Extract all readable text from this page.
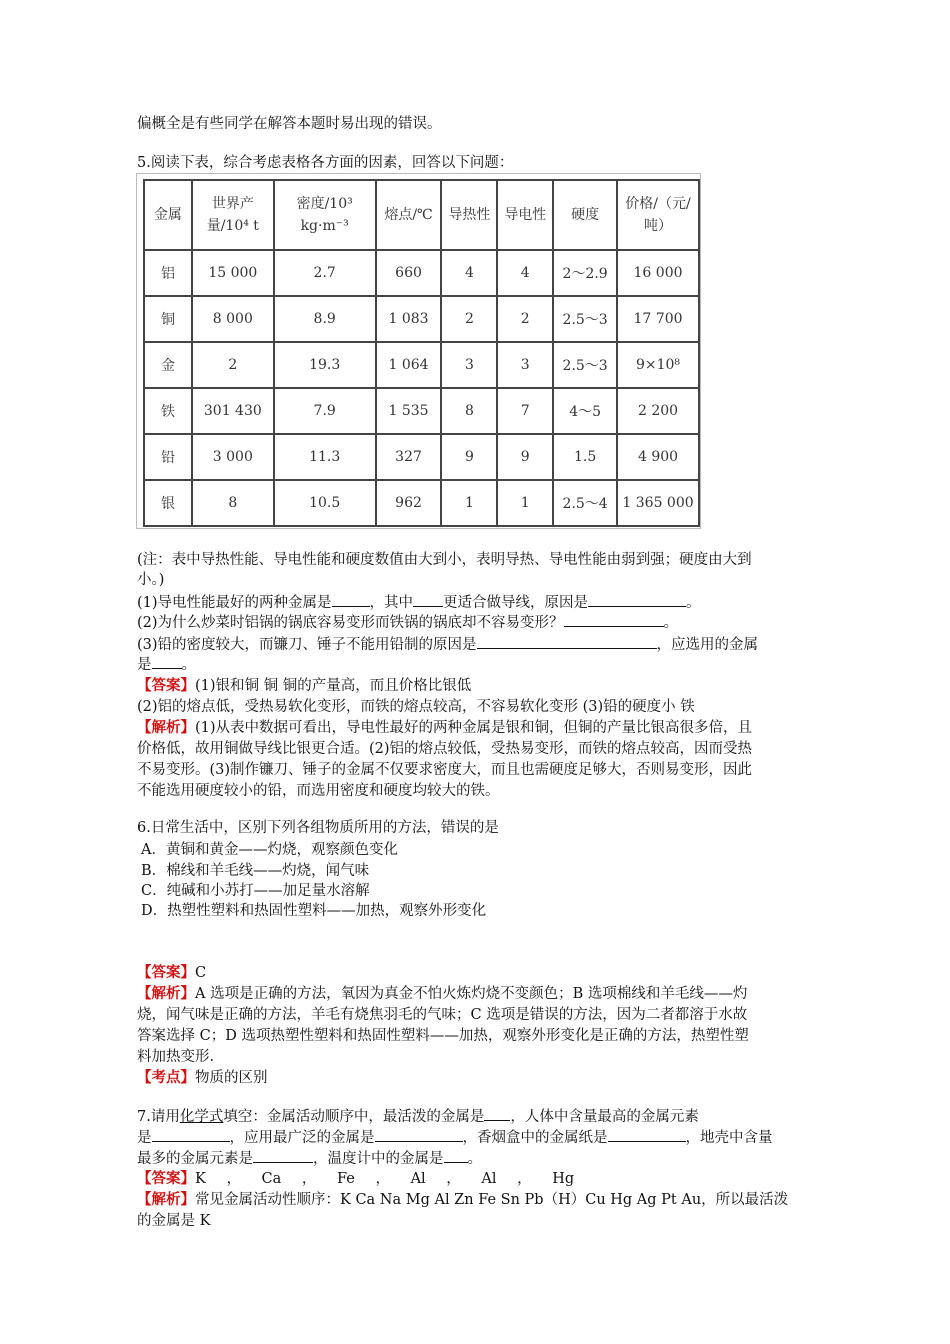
偏概全是有些同学在解答本题时易出现的错误。
5.阅读下表，综合考虑表格各方面的因素，回答以下问题：
金属	世界产量/10⁴ t	密度/10³ kg·m⁻³	熔点/℃	导热性	导电性	硬度	价格/（元/吨）
铝	15 000	2.7	660	4	4	2～2.9	16 000
铜	8 000	8.9	1 083	2	2	2.5～3	17 700
金	2	19.3	1 064	3	3	2.5～3	9×10⁸
铁	301 430	7.9	1 535	8	7	4～5	2 200
铅	3 000	11.3	327	9	9	1.5	4 900
银	8	10.5	962	1	1	2.5～4	1 365 000
(注：表中导热性能、导电性能和硬度数值由大到小，表明导热、导电性能由弱到强；硬度由大到
小。)
(1)导电性能最好的两种金属是	，其中 更适合做导线，原因是	。
(2)为什么炒菜时铝锅的锅底容易变形而铁锅的锅底却不容易变形？	。
(3)铅的密度较大，而镰刀、锤子不能用铅制的原因是	，应选用的金属
是 。
【答案】(1)银和铜 铜 铜的产量高，而且价格比银低
(2)铝的熔点低，受热易软化变形，而铁的熔点较高，不容易软化变形 (3)铅的硬度小 铁
【解析】(1)从表中数据可看出，导电性最好的两种金属是银和铜，但铜的产量比银高很多倍，且
价格低，故用铜做导线比银更合适。(2)铝的熔点较低，受热易变形，而铁的熔点较高，因而受热
不易变形。(3)制作镰刀、锤子的金属不仅要求密度大，而且也需硬度足够大，否则易变形，因此
不能选用硬度较小的铅，而选用密度和硬度均较大的铁。
6.日常生活中，区别下列各组物质所用的方法，错误的是
A．黄铜和黄金——灼烧，观察颜色变化
B．棉线和羊毛线——灼烧，闻气味
C．纯碱和小苏打——加足量水溶解
D．热塑性塑料和热固性塑料——加热，观察外形变化
【答案】C
【解析】A 选项是正确的方法，氧因为真金不怕火炼灼烧不变颜色；B 选项棉线和羊毛线——灼
烧，闻气味是正确的方法，羊毛有烧焦羽毛的气味；C 选项是错误的方法，因为二者都溶于水故
答案选择 C；D 选项热塑性塑料和热固性塑料——加热，观察外形变化是正确的方法，热塑性塑
料加热变形.
【考点】物质的区别
7.请用化学式填空：金属活动顺序中，最活泼的金属是 ，人体中含量最高的金属元素
是	，应用最广泛的金属是	，香烟盒中的金属纸是	，地壳中含量
最多的金属元素是	，温度计中的金属是 。
【答案】K ， Ca ， Fe ， Al ， Al ， Hg
【解析】常见金属活动性顺序：K Ca Na Mg Al Zn Fe Sn Pb（H）Cu Hg Ag Pt Au，所以最活泼
的金属是 K
